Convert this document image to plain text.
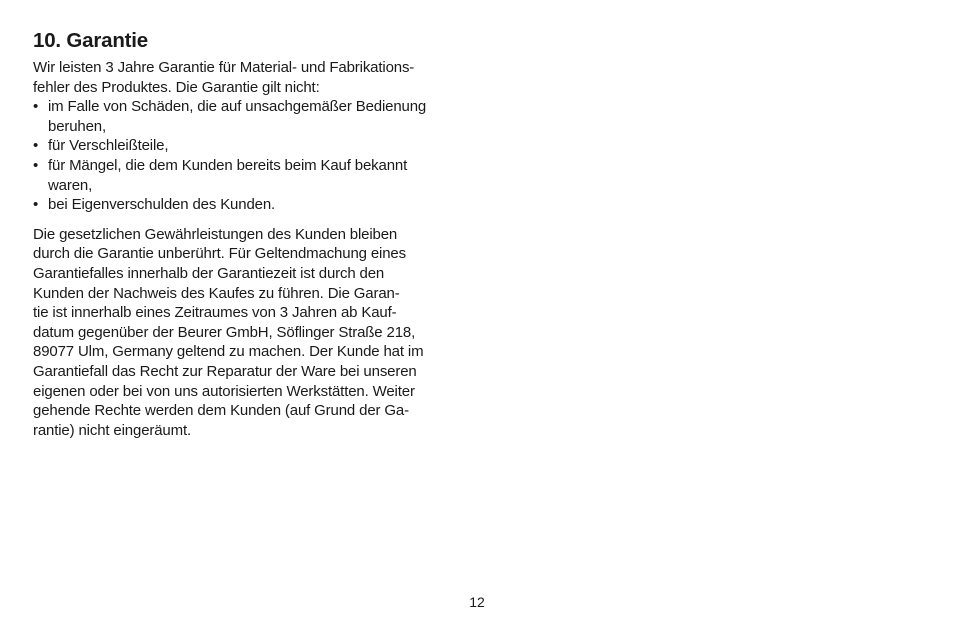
10. Garantie
Wir leisten 3 Jahre Garantie für Material- und Fabrikations-
fehler des Produktes. Die Garantie gilt nicht:
• im Falle von Schäden, die auf unsachgemäßer Bedienung
beruhen,
• für Verschleißteile,
• für Mängel, die dem Kunden bereits beim Kauf bekannt
waren,
• bei Eigenverschulden des Kunden.
Die gesetzlichen Gewährleistungen des Kunden bleiben
durch die Garantie unberührt. Für Geltendmachung eines
Garantiefalles innerhalb der Garantiezeit ist durch den
Kunden der Nachweis des Kaufes zu führen. Die Garan-
tie ist innerhalb eines Zeitraumes von 3 Jahren ab Kauf-
datum gegenüber der Beurer GmbH, Söflinger Straße 218,
89077 Ulm, Germany geltend zu machen. Der Kunde hat im
Garantiefall das Recht zur Reparatur der Ware bei unseren
eigenen oder bei von uns autorisierten Werkstätten. Weiter
gehende Rechte werden dem Kunden (auf Grund der Ga-
rantie) nicht eingeräumt.
12
